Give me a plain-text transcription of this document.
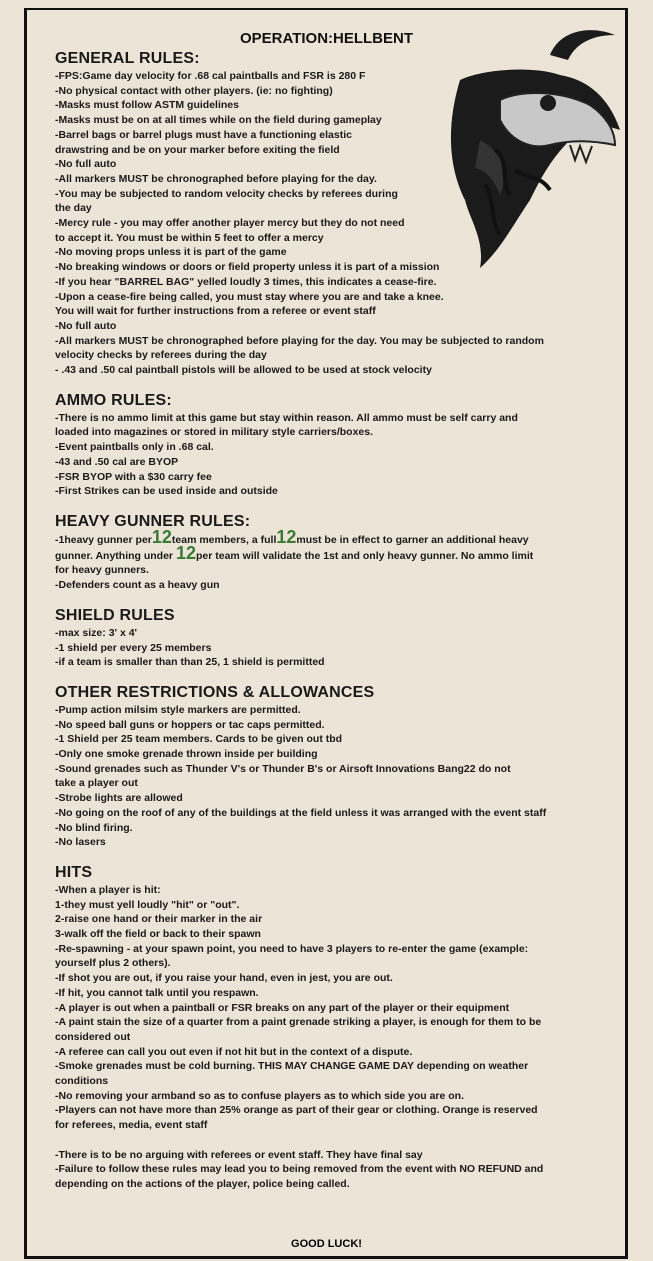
OPERATION:HELLBENT
GENERAL RULES:
-FPS:Game day velocity for .68 cal paintballs and FSR is 280 F
-No physical contact with other players. (ie: no fighting)
-Masks must follow ASTM guidelines
-Masks must be on at all times while on the field during gameplay
-Barrel bags or barrel plugs must have a functioning elastic
drawstring and be on your marker before exiting the field
-No full auto
-All markers MUST be chronographed before playing for the day.
-You may be subjected to random velocity checks by referees during
the day
-Mercy rule - you may offer another player mercy but they do not need
to accept it. You must be within 5 feet to offer a mercy
-No moving props unless it is part of the game
-No breaking windows or doors or field property unless it is part of a mission
-If you hear "BARREL BAG" yelled loudly 3 times, this indicates a cease-fire.
-Upon a cease-fire being called, you must stay where you are and take a knee.
You will wait for further instructions from a referee or event staff
-No full auto
-All markers MUST be chronographed before playing for the day. You may be subjected to random
velocity checks by referees during the day
- .43 and .50 cal paintball pistols will be allowed to be used at stock velocity
AMMO RULES:
-There is no ammo limit at this game but stay within reason. All ammo must be self carry and
loaded into magazines or stored in military style carriers/boxes.
-Event paintballs only in .68 cal.
-43 and .50 cal are BYOP
-FSR BYOP with a $30 carry fee
-First Strikes can be used inside and outside
HEAVY GUNNER RULES:
-1heavy gunner per12team members, a full12must be in effect to garner an additional heavy
gunner. Anything under 12per team will validate the 1st and only heavy gunner. No ammo limit
for heavy gunners.
-Defenders count as a heavy gun
SHIELD RULES
-max size: 3' x 4'
-1 shield per every 25 members
-if a team is smaller than than 25, 1 shield is permitted
OTHER RESTRICTIONS & ALLOWANCES
-Pump action milsim style markers are permitted.
-No speed ball guns or hoppers or tac caps permitted.
-1 Shield per 25 team members. Cards to be given out tbd
-Only one smoke grenade thrown inside per building
-Sound grenades such as Thunder V's or Thunder B's or Airsoft Innovations Bang22 do not
take a player out
-Strobe lights are allowed
-No going on the roof of any of the buildings at the field unless it was arranged with the event staff
-No blind firing.
-No lasers
HITS
-When a player is hit:
1-they must yell loudly "hit" or "out".
2-raise one hand or their marker in the air
3-walk off the field or back to their spawn
-Re-spawning - at your spawn point, you need to have 3 players to re-enter the game (example:
yourself plus 2 others).
-If shot you are out, if you raise your hand, even in jest, you are out.
-If hit, you cannot talk until you respawn.
-A player is out when a paintball or FSR breaks on any part of the player or their equipment
-A paint stain the size of a quarter from a paint grenade striking a player, is enough for them to be
considered out
-A referee can call you out even if not hit but in the context of a dispute.
-Smoke grenades must be cold burning. THIS MAY CHANGE GAME DAY depending on weather
conditions
-No removing your armband so as to confuse players as to which side you are on.
-Players can not have more than 25% orange as part of their gear or clothing. Orange is reserved
for referees, media, event staff

-There is to be no arguing with referees or event staff. They have final say
-Failure to follow these rules may lead you to being removed from the event with NO REFUND and
depending on the actions of the player, police being called.
GOOD LUCK!
